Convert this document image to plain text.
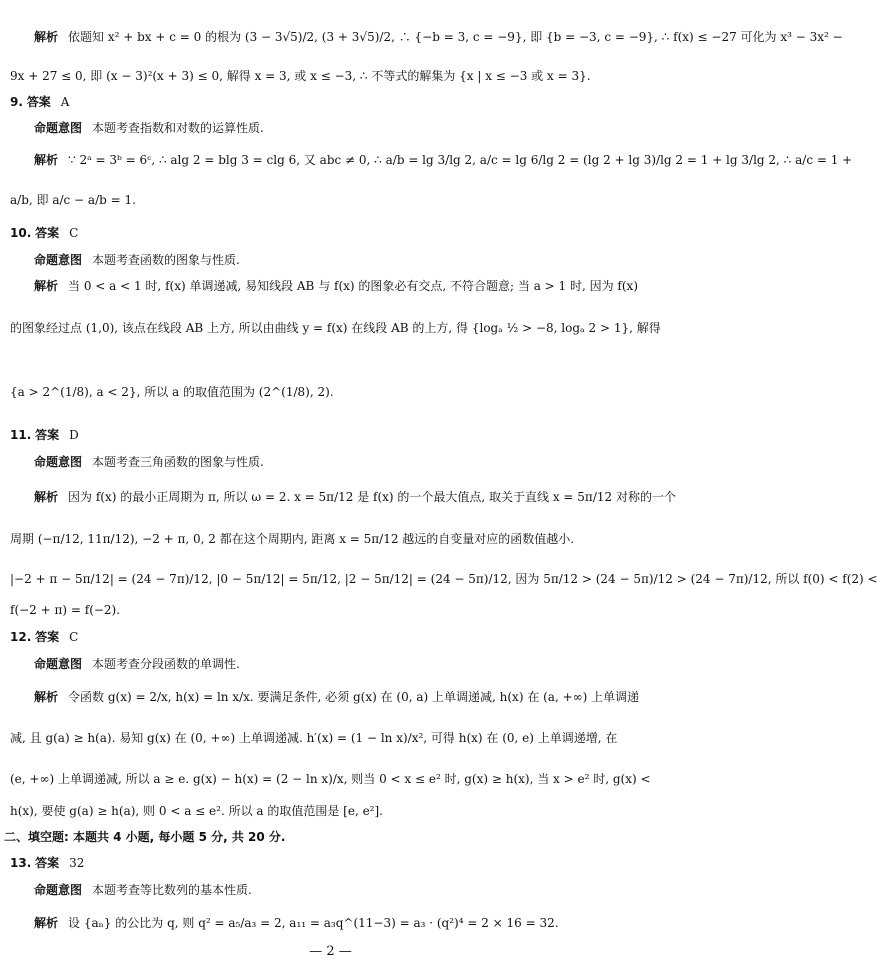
解析 依题知 x² + bx + c = 0 的根为 (3 − 3√5)/2, (3 + 3√5)/2, ∴ {−b = 3, c = −9}, 即 {b = −3, c = −9}, ∴ f(x) ≤ −27 可化为 x³ − 3x² −
9x + 27 ≤ 0, 即 (x − 3)²(x + 3) ≤ 0, 解得 x = 3, 或 x ≤ −3, ∴ 不等式的解集为 {x | x ≤ −3 或 x = 3}.
9. 答案 A
命题意图 本题考查指数和对数的运算性质.
解析 ∵ 2ᵃ = 3ᵇ = 6ᶜ, ∴ alg 2 = blg 3 = clg 6, 又 abc ≠ 0, ∴ a/b = lg 3/lg 2, a/c = lg 6/lg 2 = (lg 2 + lg 3)/lg 2 = 1 + lg 3/lg 2, ∴ a/c = 1 +
a/b, 即 a/c − a/b = 1.
10. 答案 C
命题意图 本题考查函数的图象与性质.
解析 当 0 < a < 1 时, f(x) 单调递减, 易知线段 AB 与 f(x) 的图象必有交点, 不符合题意; 当 a > 1 时, 因为 f(x)
的图象经过点 (1,0), 该点在线段 AB 上方, 所以由曲线 y = f(x) 在线段 AB 的上方, 得 {logₐ ½ > −8, logₐ 2 > 1}, 解得
{a > 2^(1/8), a < 2}, 所以 a 的取值范围为 (2^(1/8), 2).
11. 答案 D
命题意图 本题考查三角函数的图象与性质.
解析 因为 f(x) 的最小正周期为 π, 所以 ω = 2. x = 5π/12 是 f(x) 的一个最大值点, 取关于直线 x = 5π/12 对称的一个
周期 (−π/12, 11π/12), −2 + π, 0, 2 都在这个周期内, 距离 x = 5π/12 越远的自变量对应的函数值越小.
|−2 + π − 5π/12| = (24 − 7π)/12, |0 − 5π/12| = 5π/12, |2 − 5π/12| = (24 − 5π)/12, 因为 5π/12 > (24 − 5π)/12 > (24 − 7π)/12, 所以 f(0) < f(2) <
f(−2 + π) = f(−2).
12. 答案 C
命题意图 本题考查分段函数的单调性.
解析 令函数 g(x) = 2/x, h(x) = ln x/x. 要满足条件, 必须 g(x) 在 (0, a) 上单调递减, h(x) 在 (a, +∞) 上单调递
减, 且 g(a) ≥ h(a). 易知 g(x) 在 (0, +∞) 上单调递减. h′(x) = (1 − ln x)/x², 可得 h(x) 在 (0, e) 上单调递增, 在
(e, +∞) 上单调递减, 所以 a ≥ e. g(x) − h(x) = (2 − ln x)/x, 则当 0 < x ≤ e² 时, g(x) ≥ h(x), 当 x > e² 时, g(x) <
h(x), 要使 g(a) ≥ h(a), 则 0 < a ≤ e². 所以 a 的取值范围是 [e, e²].
二、填空题: 本题共 4 小题, 每小题 5 分, 共 20 分.
13. 答案 32
命题意图 本题考查等比数列的基本性质.
解析 设 {aₙ} 的公比为 q, 则 q² = a₅/a₃ = 2, a₁₁ = a₃q^(11−3) = a₃ · (q²)⁴ = 2 × 16 = 32.
— 2 —
